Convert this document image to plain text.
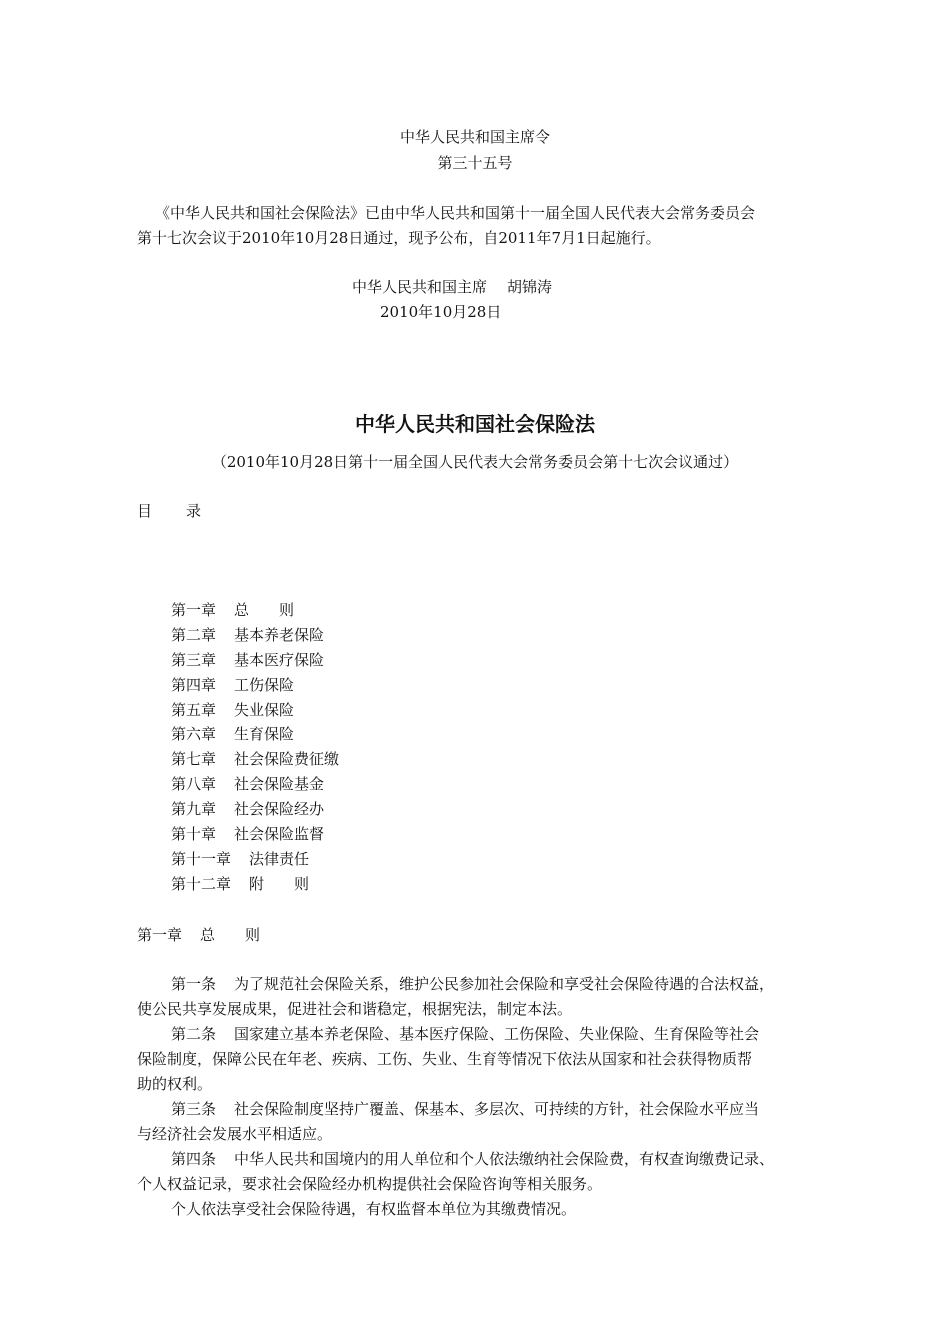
中华人民共和国主席令
第三十五号
《中华人民共和国社会保险法》已由中华人民共和国第十一届全国人民代表大会常务委员会
第十七次会议于2010年10月28日通过，现予公布，自2011年7月1日起施行。
中华人民共和国主席 胡锦涛
2010年10月28日
中华人民共和国社会保险法
（2010年10月28日第十一届全国人民代表大会常务委员会第十七次会议通过）
目 录
第一章 总　　则
第二章 基本养老保险
第三章 基本医疗保险
第四章 工伤保险
第五章 失业保险
第六章 生育保险
第七章 社会保险费征缴
第八章 社会保险基金
第九章 社会保险经办
第十章 社会保险监督
第十一章 法律责任
第十二章 附　　则
第一章 总　　则
第一条 为了规范社会保险关系，维护公民参加社会保险和享受社会保险待遇的合法权益，
使公民共享发展成果，促进社会和谐稳定，根据宪法，制定本法。
第二条 国家建立基本养老保险、基本医疗保险、工伤保险、失业保险、生育保险等社会
保险制度，保障公民在年老、疾病、工伤、失业、生育等情况下依法从国家和社会获得物质帮
助的权利。
第三条 社会保险制度坚持广覆盖、保基本、多层次、可持续的方针，社会保险水平应当
与经济社会发展水平相适应。
第四条 中华人民共和国境内的用人单位和个人依法缴纳社会保险费，有权查询缴费记录、
个人权益记录，要求社会保险经办机构提供社会保险咨询等相关服务。
个人依法享受社会保险待遇，有权监督本单位为其缴费情况。
